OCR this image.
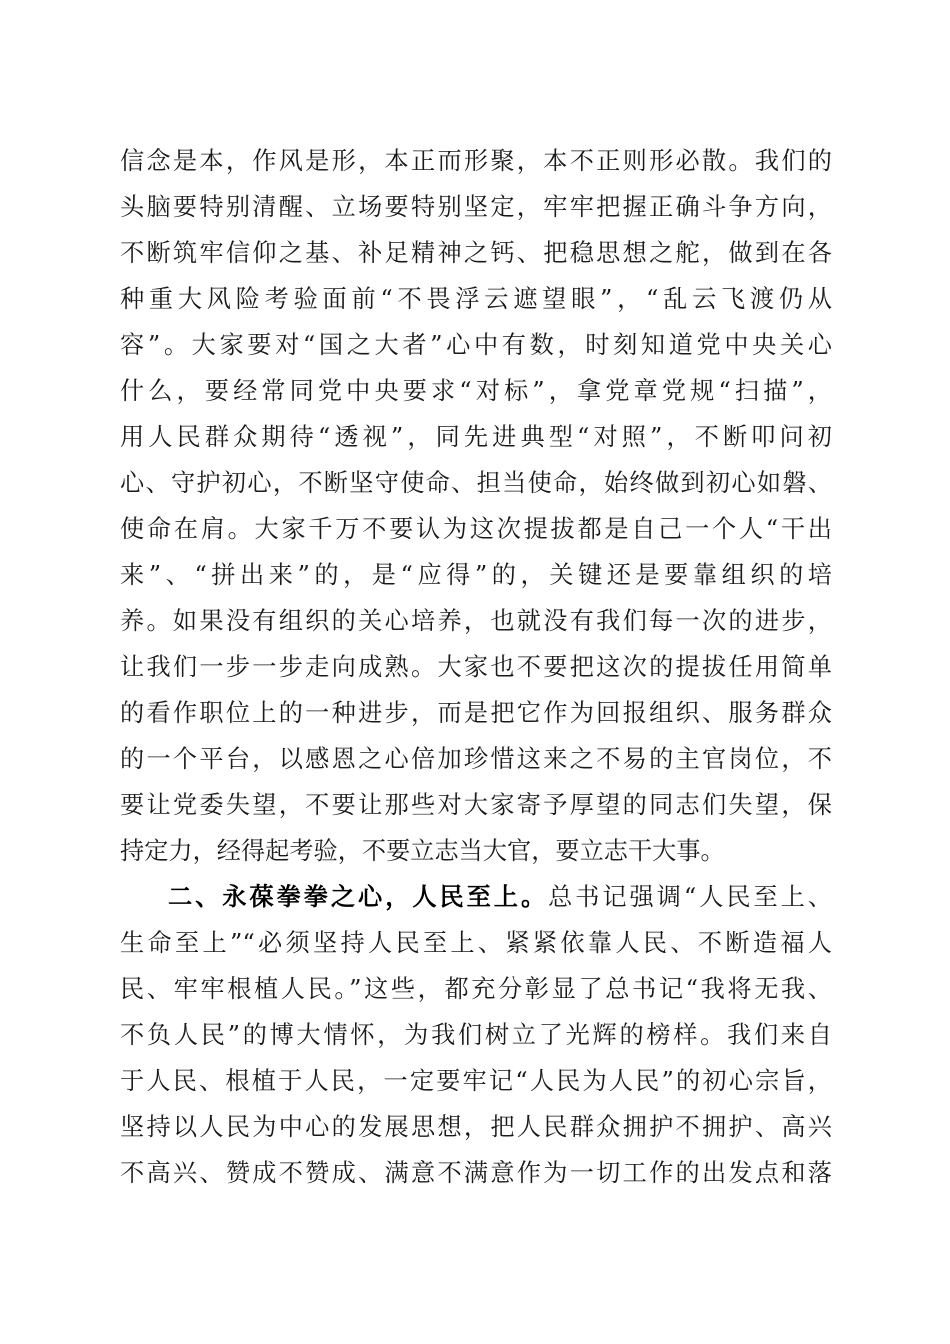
信念是本，作风是形，本正而形聚，本不正则形必散。我们的
头脑要特别清醒、立场要特别坚定，牢牢把握正确斗争方向，
不断筑牢信仰之基、补足精神之钙、把稳思想之舵，做到在各
种重大风险考验面前“不畏浮云遮望眼”，“乱云飞渡仍从
容”。大家要对“国之大者”心中有数，时刻知道党中央关心
什么，要经常同党中央要求“对标”，拿党章党规“扫描”，
用人民群众期待“透视”，同先进典型“对照”，不断叩问初
心、守护初心，不断坚守使命、担当使命，始终做到初心如磐、
使命在肩。大家千万不要认为这次提拔都是自己一个人“干出
来”、“拼出来”的，是“应得”的，关键还是要靠组织的培
养。如果没有组织的关心培养，也就没有我们每一次的进步，
让我们一步一步走向成熟。大家也不要把这次的提拔任用简单
的看作职位上的一种进步，而是把它作为回报组织、服务群众
的一个平台，以感恩之心倍加珍惜这来之不易的主官岗位，不
要让党委失望，不要让那些对大家寄予厚望的同志们失望，保
持定力，经得起考验，不要立志当大官，要立志干大事。
二、永葆拳拳之心，人民至上。总书记强调“人民至上、
生命至上”“必须坚持人民至上、紧紧依靠人民、不断造福人
民、牢牢根植人民。”这些，都充分彰显了总书记“我将无我、
不负人民”的博大情怀，为我们树立了光辉的榜样。我们来自
于人民、根植于人民，一定要牢记“人民为人民”的初心宗旨，
坚持以人民为中心的发展思想，把人民群众拥护不拥护、高兴
不高兴、赞成不赞成、满意不满意作为一切工作的出发点和落
